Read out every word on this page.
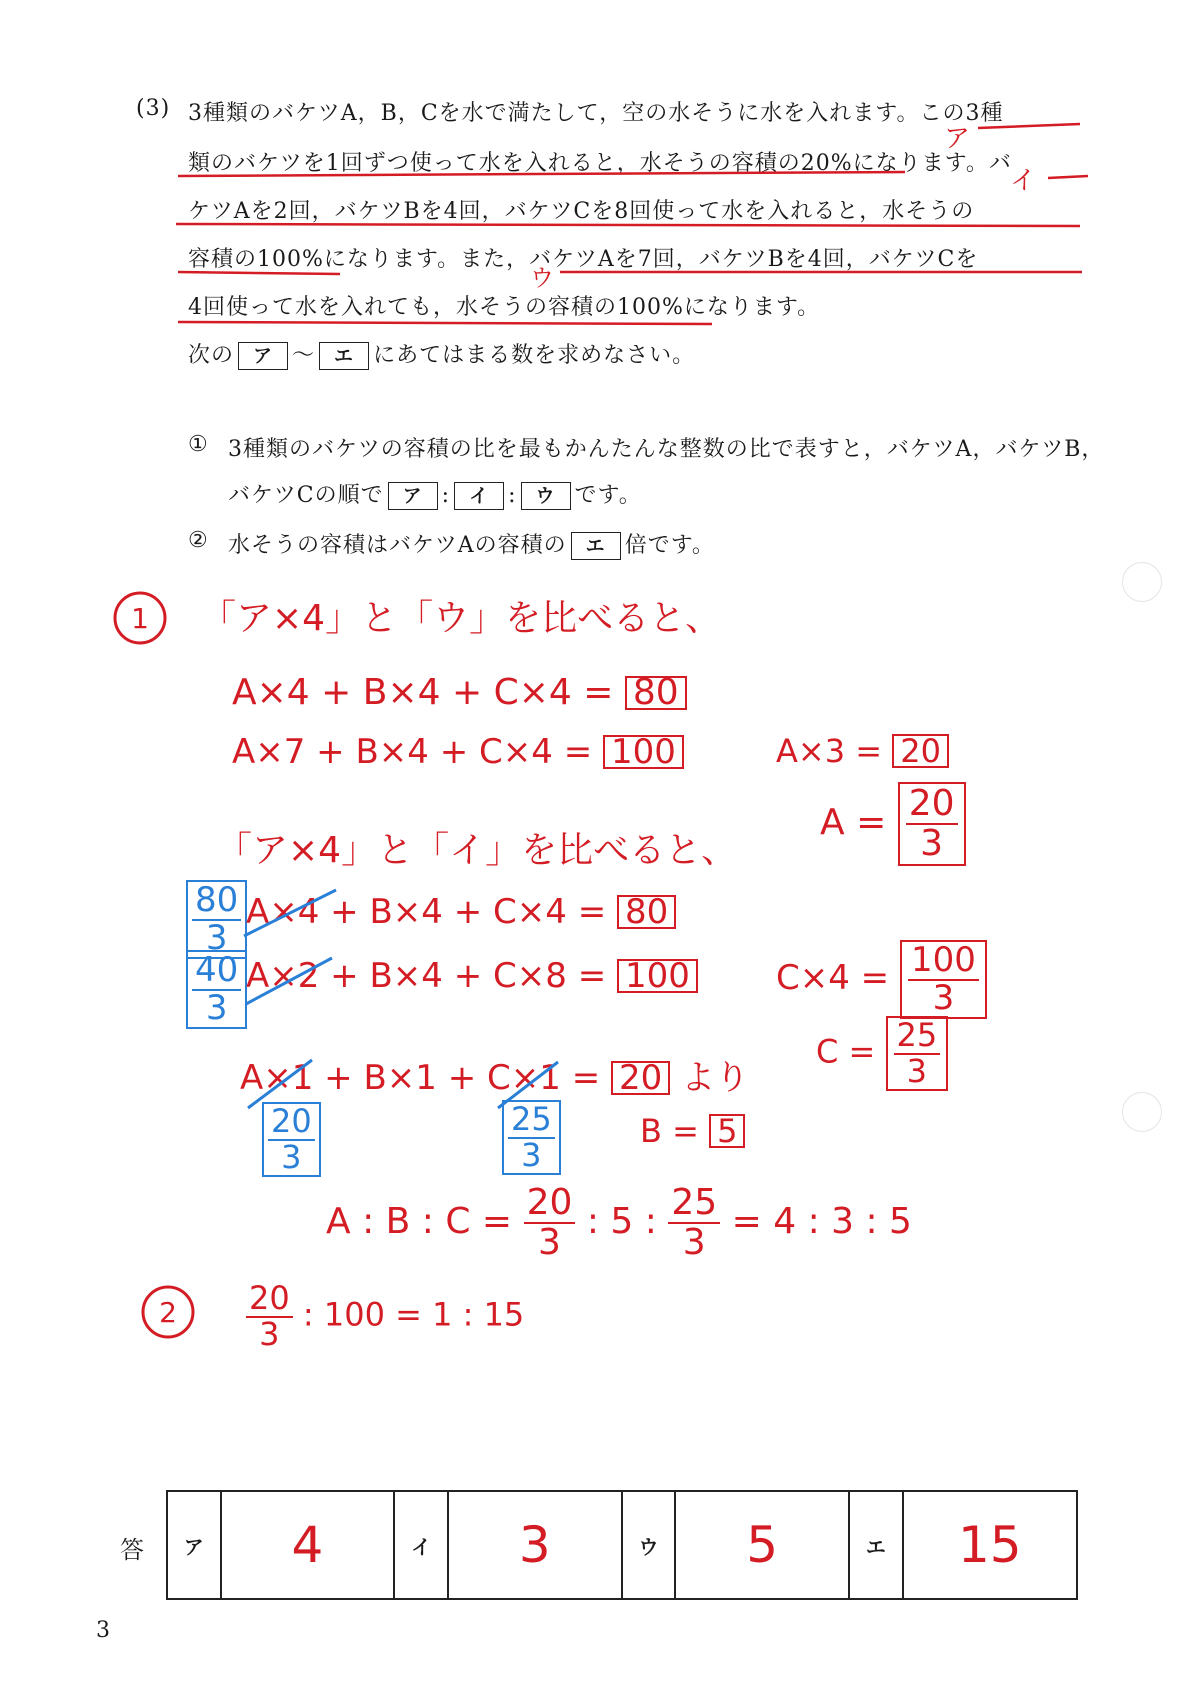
(3) 3種類のバケツA，B，Cを水で満たして，空の水そうに水を入れます。この3種
類のバケツを1回ずつ使って水を入れると，水そうの容積の20%になります。バ
ケツAを2回，バケツBを4回，バケツCを8回使って水を入れると，水そうの
容積の100%になります。また，バケツAを7回，バケツBを4回，バケツCを
4回使って水を入れても，水そうの容積の100%になります。
次の ア 〜 エ にあてはまる数を求めなさい。
ア
イ
ウ
① 3種類のバケツの容積の比を最もかんたんな整数の比で表すと，バケツA，バケツB，
バケツCの順で ア : イ : ウ です。
② 水そうの容積はバケツAの容積の エ 倍です。
1 「ア×4」と「ウ」を比べると、
A×4 + B×4 + C×4 = 80
A×7 + B×4 + C×4 = 100	A×3 = 20
$A = \frac{20}{3}$
「ア×4」と「イ」を比べると、
$\frac{80}{3} A\times 4 + B\times 4 + C\times 4 = 80$
$\frac{40}{3} A\times 2 + B\times 4 + C\times 8 = 100$	$C\times 4 = \frac{100}{3}$
$C = \frac{25}{3}$
A×1 + B×1 + C×1 = 20 より
$\frac{20}{3}$	$\frac{25}{3}$	B = 5
A : B : $C = \frac{20}{3}$ : 5 : $\frac{25}{3} = 4$ : 3 : 5
$2 \frac{20}{3}$ : 100 = 1 : 15
答 ア	4	イ	3	ウ	5	エ	15
3
